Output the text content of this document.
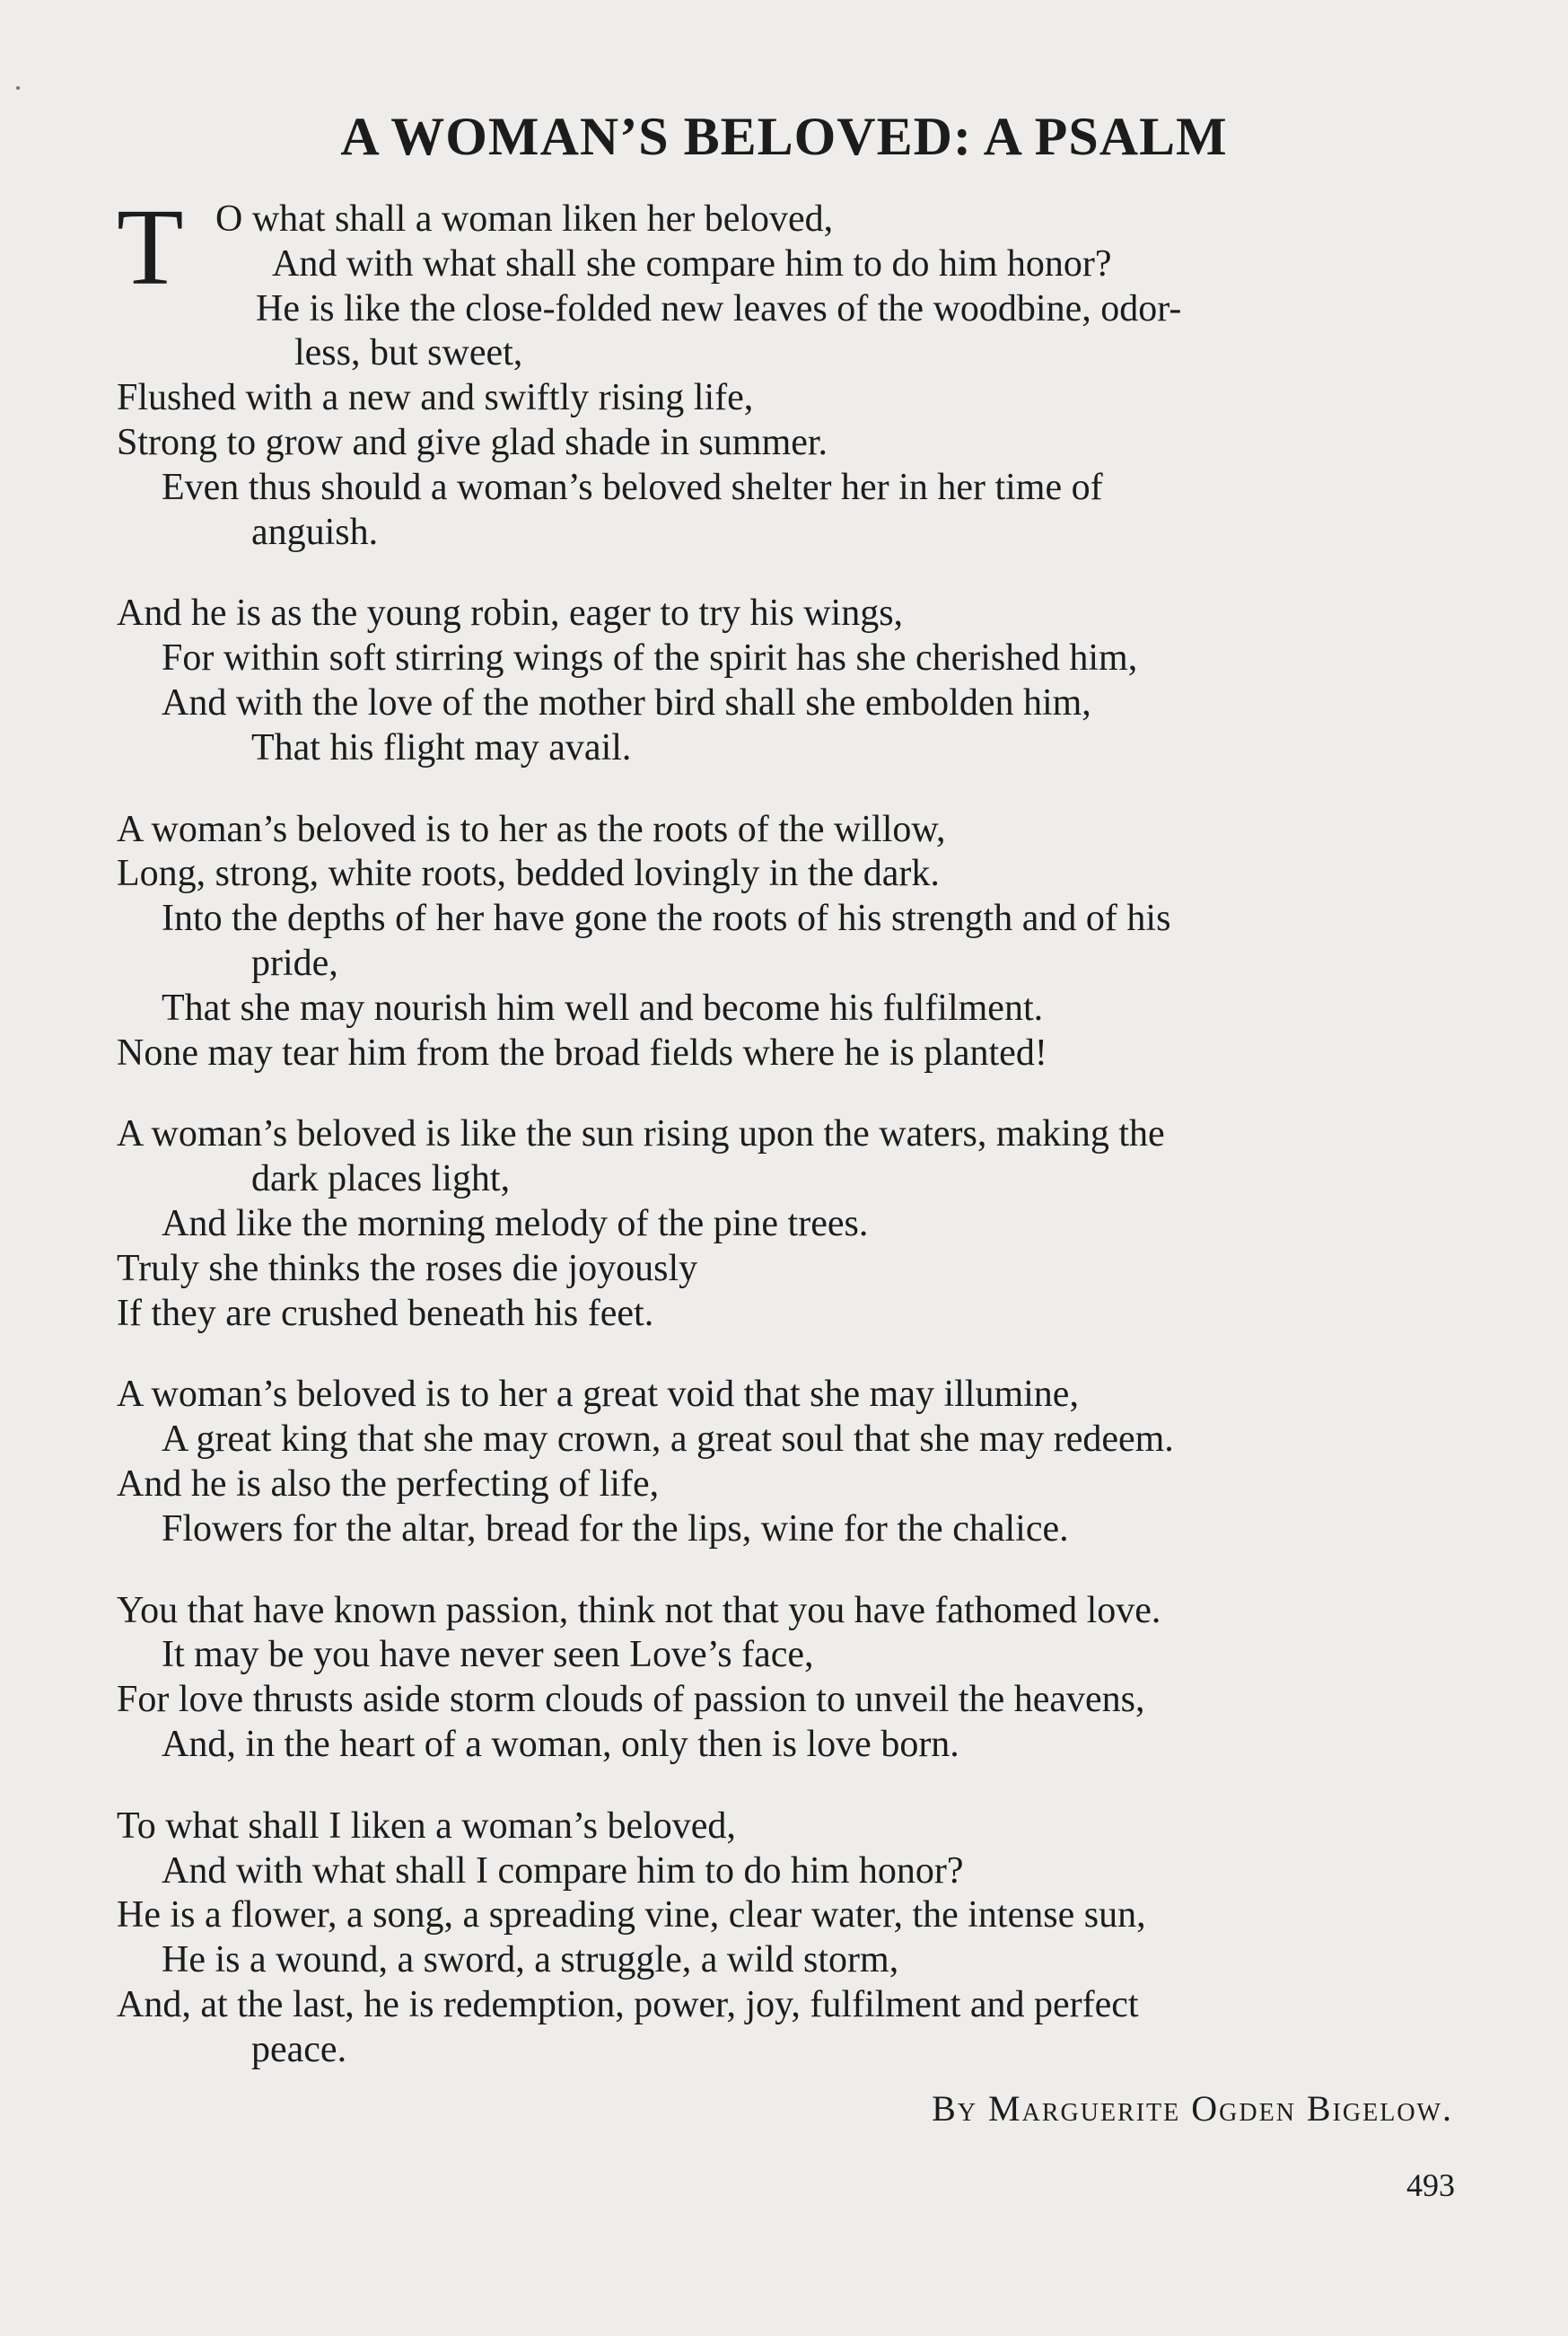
A WOMAN’S BELOVED: A PSALM
T O what shall a woman liken her beloved,
And with what shall she compare him to do him honor?
He is like the close-folded new leaves of the woodbine, odor-
less, but sweet,
Flushed with a new and swiftly rising life,
Strong to grow and give glad shade in summer.
Even thus should a woman’s beloved shelter her in her time of
anguish.
And he is as the young robin, eager to try his wings,
For within soft stirring wings of the spirit has she cherished him,
And with the love of the mother bird shall she embolden him,
That his flight may avail.
A woman’s beloved is to her as the roots of the willow,
Long, strong, white roots, bedded lovingly in the dark.
Into the depths of her have gone the roots of his strength and of his
pride,
That she may nourish him well and become his fulfilment.
None may tear him from the broad fields where he is planted!
A woman’s beloved is like the sun rising upon the waters, making the
dark places light,
And like the morning melody of the pine trees.
Truly she thinks the roses die joyously
If they are crushed beneath his feet.
A woman’s beloved is to her a great void that she may illumine,
A great king that she may crown, a great soul that she may redeem.
And he is also the perfecting of life,
Flowers for the altar, bread for the lips, wine for the chalice.
You that have known passion, think not that you have fathomed love.
It may be you have never seen Love’s face,
For love thrusts aside storm clouds of passion to unveil the heavens,
And, in the heart of a woman, only then is love born.
To what shall I liken a woman’s beloved,
And with what shall I compare him to do him honor?
He is a flower, a song, a spreading vine, clear water, the intense sun,
He is a wound, a sword, a struggle, a wild storm,
And, at the last, he is redemption, power, joy, fulfilment and perfect
peace.
By Marguerite Ogden Bigelow.
493
